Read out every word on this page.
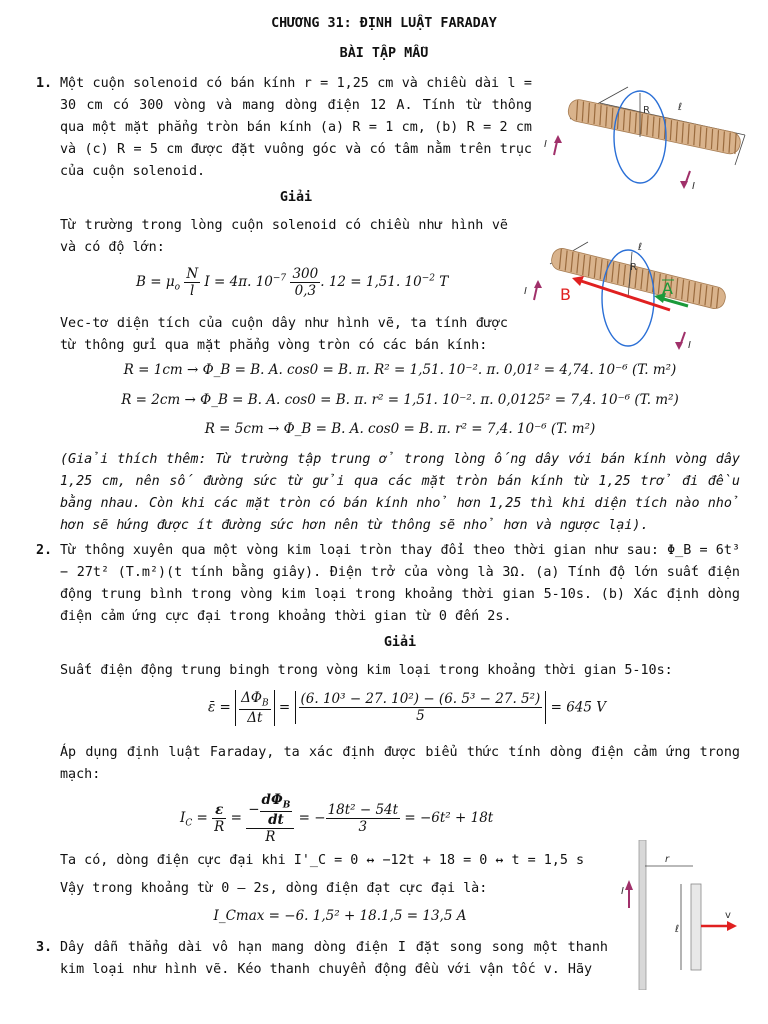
CHƯƠNG 31: ĐỊNH LUẬT FARADAY
BÀI TẬP MẪU
1. Một cuộn solenoid có bán kính r = 1,25 cm và chiều dài l = 30 cm có 300 vòng và mang dòng điện 12 A. Tính từ thông qua một mặt phẳng tròn bán kính (a) R = 1 cm, (b) R = 2 cm và (c) R = 5 cm được đặt vuông góc và có tâm nằm trên trục của cuộn solenoid.
ℓ
R
I
I
Giải
Từ trường trong lòng cuộn solenoid có chiều như hình vẽ và có độ lớn:
$B = \mu_o \frac{N}{l}$ I = 4π. $10^{-7} \frac{300}{0,3}$ . 12 = 1,51. $10^{-2}$ T
ℓ
R
B	A
I
I
Vec-tơ diện tích của cuộn dây như hình vẽ, ta tính được từ thông gửi qua mặt phẳng vòng tròn có các bán kính:
R = 1cm → Φ_B = B. A. cos0 = B. π. R² = 1,51. 10⁻². π. 0,01² = 4,74. 10⁻⁶ (T. m²)
R = 2cm → Φ_B = B. A. cos0 = B. π. r² = 1,51. 10⁻². π. 0,0125² = 7,4. 10⁻⁶ (T. m²)
R = 5cm → Φ_B = B. A. cos0 = B. π. r² = 7,4. 10⁻⁶ (T. m²)
(Giải thích thêm: Từ trường tập trung ở trong lòng ống dây với bán kính vòng dây 1,25 cm, nên số đường sức từ gửi qua các mặt tròn bán kính từ 1,25 trở đi đều bằng nhau. Còn khi các mặt tròn có bán kính nhỏ hơn 1,25 thì khi diện tích nào nhỏ hơn sẽ hứng được ít đường sức hơn nên từ thông sẽ nhỏ hơn và ngược lại).
2. Từ thông xuyên qua một vòng kim loại tròn thay đổi theo thời gian như sau: Φ_B = 6t³ − 27t² (T.m²)(t tính bằng giây). Điện trở của vòng là 3Ω. (a) Tính độ lớn suất điện động trung bình trong vòng kim loại trong khoảng thời gian 5-10s. (b) Xác định dòng điện cảm ứng cực đại trong khoảng thời gian từ 0 đến 2s.
Giải
Suất điện động trung bingh trong vòng kim loại trong khoảng thời gian 5-10s:
ε̄ = $\frac{\Delta\Phi_B}{\Delta t} = \frac{\text{(6. 10³ − 27. 10²) − (6. 5³ − 27. 5²)}}{5} = 645$ V
Áp dụng định luật Faraday, ta xác định được biểu thức tính dòng điện cảm ứng trong mạch:
$I_C = \frac{\varepsilon}{R} = \frac{- \frac{d\Phi_B}{dt}}{R}$ = − $\frac{\text{18t² − 54t}}{3} = -6t^2 + 18t$
Ta có, dòng điện cực đại khi I'_C = 0 ↔ −12t + 18 = 0 ↔ t = 1,5 s
Vậy trong khoảng từ 0 – 2s, dòng điện đạt cực đại là:
I_Cmax = −6. 1,5² + 18.1,5 = 13,5 A
3. Dây dẫn thẳng dài vô hạn mang dòng điện I đặt song song một thanh kim loại như hình vẽ. Kéo thanh chuyển động đều với vận tốc v. Hãy
r
I
ℓ
v
